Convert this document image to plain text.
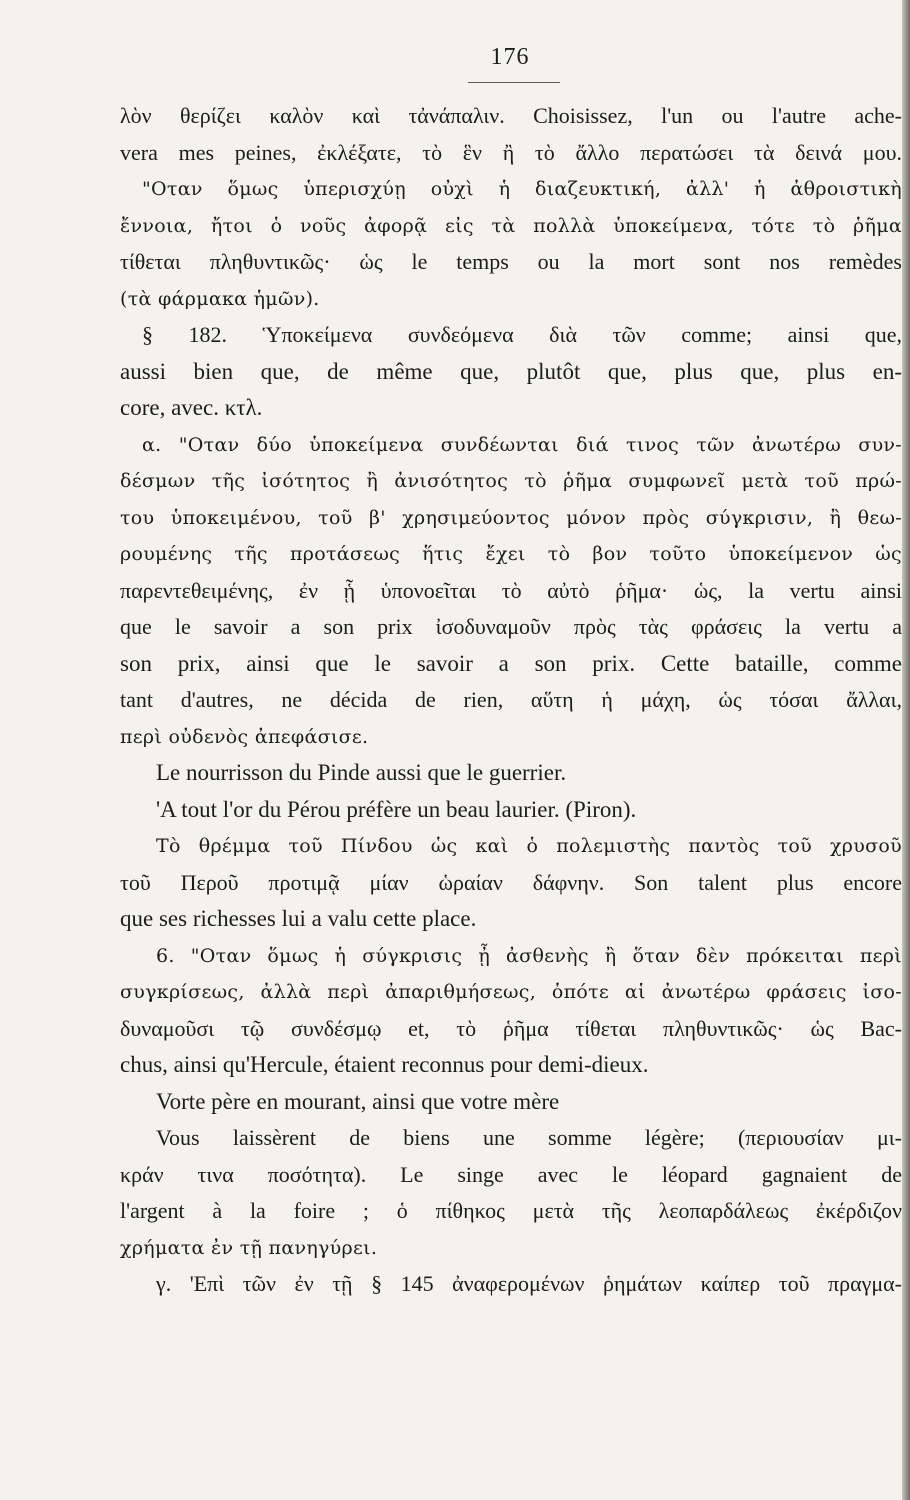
176
λὸν θερίζει καλὸν καὶ τἀνάπαλιν. Choisissez, l'un ou l'autre ache-
vera mes peines, ἐκλέξατε, τὸ ἓν ἢ τὸ ἄλλο περατώσει τὰ δεινά μου.
"Οταν ὅμως ὑπερισχύῃ οὐχὶ ἡ διαζευκτική, ἀλλ' ἡ ἀθροιστικὴ
ἔννοια, ἤτοι ὁ νοῦς ἀφορᾷ εἰς τὰ πολλὰ ὑποκείμενα, τότε τὸ ῥῆμα
τίθεται πληθυντικῶς· ὡς le temps ou la mort sont nos remèdes
(τὰ φάρμακα ἡμῶν).
§ 182. Ὑποκείμενα συνδεόμενα διὰ τῶν comme; ainsi que,
aussi bien que, de même que, plutôt que, plus que, plus en-
core, avec. κτλ.
α. "Οταν δύο ὑποκείμενα συνδέωνται διά τινος τῶν ἀνωτέρω συν-
δέσμων τῆς ἰσότητος ἢ ἀνισότητος τὸ ῥῆμα συμφωνεῖ μετὰ τοῦ πρώ-
του ὑποκειμένου, τοῦ β' χρησιμεύοντος μόνον πρὸς σύγκρισιν, ἢ θεω-
ρουμένης τῆς προτάσεως ἥτις ἔχει τὸ βον τοῦτο ὑποκείμενον ὡς
παρεντεθειμένης, ἐν ᾗ ὑπονοεῖται τὸ αὐτὸ ῥῆμα· ὡς, la vertu ainsi
que le savoir a son prix ἰσοδυναμοῦν πρὸς τὰς φράσεις la vertu a
son prix, ainsi que le savoir a son prix. Cette bataille, comme
tant d'autres, ne décida de rien, αὕτη ἡ μάχη, ὡς τόσαι ἄλλαι,
περὶ οὐδενὸς ἀπεφάσισε.
Le nourrisson du Pinde aussi que le guerrier.
'A tout l'or du Pérou préfère un beau laurier. (Piron).
Τὸ θρέμμα τοῦ Πίνδου ὡς καὶ ὁ πολεμιστὴς παντὸς τοῦ χρυσοῦ
τοῦ Περοῦ προτιμᾷ μίαν ὡραίαν δάφνην. Son talent plus encore
que ses richesses lui a valu cette place.
6. "Οταν ὅμως ἡ σύγκρισις ᾖ ἀσθενὴς ἢ ὅταν δὲν πρόκειται περὶ
συγκρίσεως, ἀλλὰ περὶ ἀπαριθμήσεως, ὁπότε αἱ ἀνωτέρω φράσεις ἰσο-
δυναμοῦσι τῷ συνδέσμῳ et, τὸ ῥῆμα τίθεται πληθυντικῶς· ὡς Bac-
chus, ainsi qu'Hercule, étaient reconnus pour demi-dieux.
Vorte père en mourant, ainsi que votre mère
Vous laissèrent de biens une somme légère; (περιουσίαν μι-
κράν τινα ποσότητα). Le singe avec le léopard gagnaient de
l'argent à la foire ; ὁ πίθηκος μετὰ τῆς λεοπαρδάλεως ἐκέρδιζον
χρήματα ἐν τῇ πανηγύρει.
γ. 'Επὶ τῶν ἐν τῇ § 145 ἀναφερομένων ῥημάτων καίπερ τοῦ πραγμα-
